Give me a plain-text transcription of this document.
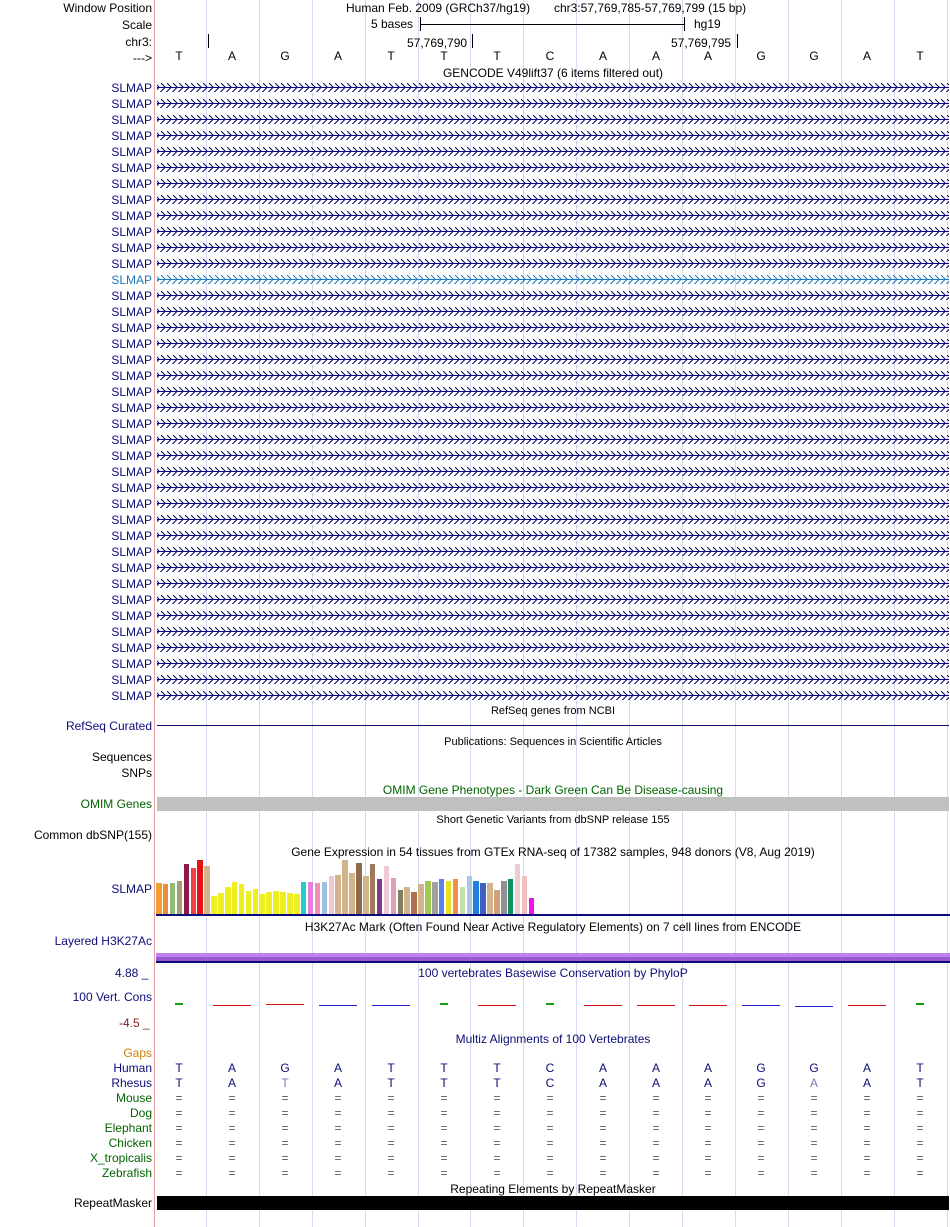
Window Position	Human Feb. 2009 (GRCh37/hg19) chr3:57,769,785-57,769,799 (15 bp)
Scale	5 bases	hg19
chr3:	57,769,790	57,769,795
--->	T	A	G	A	T	T	T	C	A	A	A	G	G	A	T
GENCODE V49lift37 (6 items filtered out)
SLMAP
SLMAP
SLMAP
SLMAP
SLMAP
SLMAP
SLMAP
SLMAP
SLMAP
SLMAP
SLMAP
SLMAP
SLMAP
SLMAP
SLMAP
SLMAP
SLMAP
SLMAP
SLMAP
SLMAP
SLMAP
SLMAP
SLMAP
SLMAP
SLMAP
SLMAP
SLMAP
SLMAP
SLMAP
SLMAP
SLMAP
SLMAP
SLMAP
SLMAP
SLMAP
SLMAP
SLMAP
SLMAP
SLMAP
RefSeq genes from NCBI
RefSeq Curated
Publications: Sequences in Scientific Articles
Sequences
SNPs
OMIM Gene Phenotypes - Dark Green Can Be Disease-causing
OMIM Genes
Short Genetic Variants from dbSNP release 155
Common dbSNP(155)
Gene Expression in 54 tissues from GTEx RNA-seq of 17382 samples, 948 donors (V8, Aug 2019)
SLMAP
H3K27Ac Mark (Often Found Near Active Regulatory Elements) on 7 cell lines from ENCODE
Layered H3K27Ac
4.88 _	100 vertebrates Basewise Conservation by PhyloP
100 Vert. Cons
-4.5 _
Multiz Alignments of 100 Vertebrates
Gaps
Human	T	A	G	A	T	T	T	C	A	A	A	G	G	A	T
Rhesus	T	A	T	A	T	T	T	C	A	A	A	G	A	A	T
Mouse	=	=	=	=	=	=	=	=	=	=	=	=	=	=	=
Dog	=	=	=	=	=	=	=	=	=	=	=	=	=	=	=
Elephant	=	=	=	=	=	=	=	=	=	=	=	=	=	=	=
Chicken	=	=	=	=	=	=	=	=	=	=	=	=	=	=	=
X_tropicalis	=	=	=	=	=	=	=	=	=	=	=	=	=	=	=
Zebrafish	=	=	=	=	=	=	=	=	=	=	=	=	=	=	=
Repeating Elements by RepeatMasker
RepeatMasker
